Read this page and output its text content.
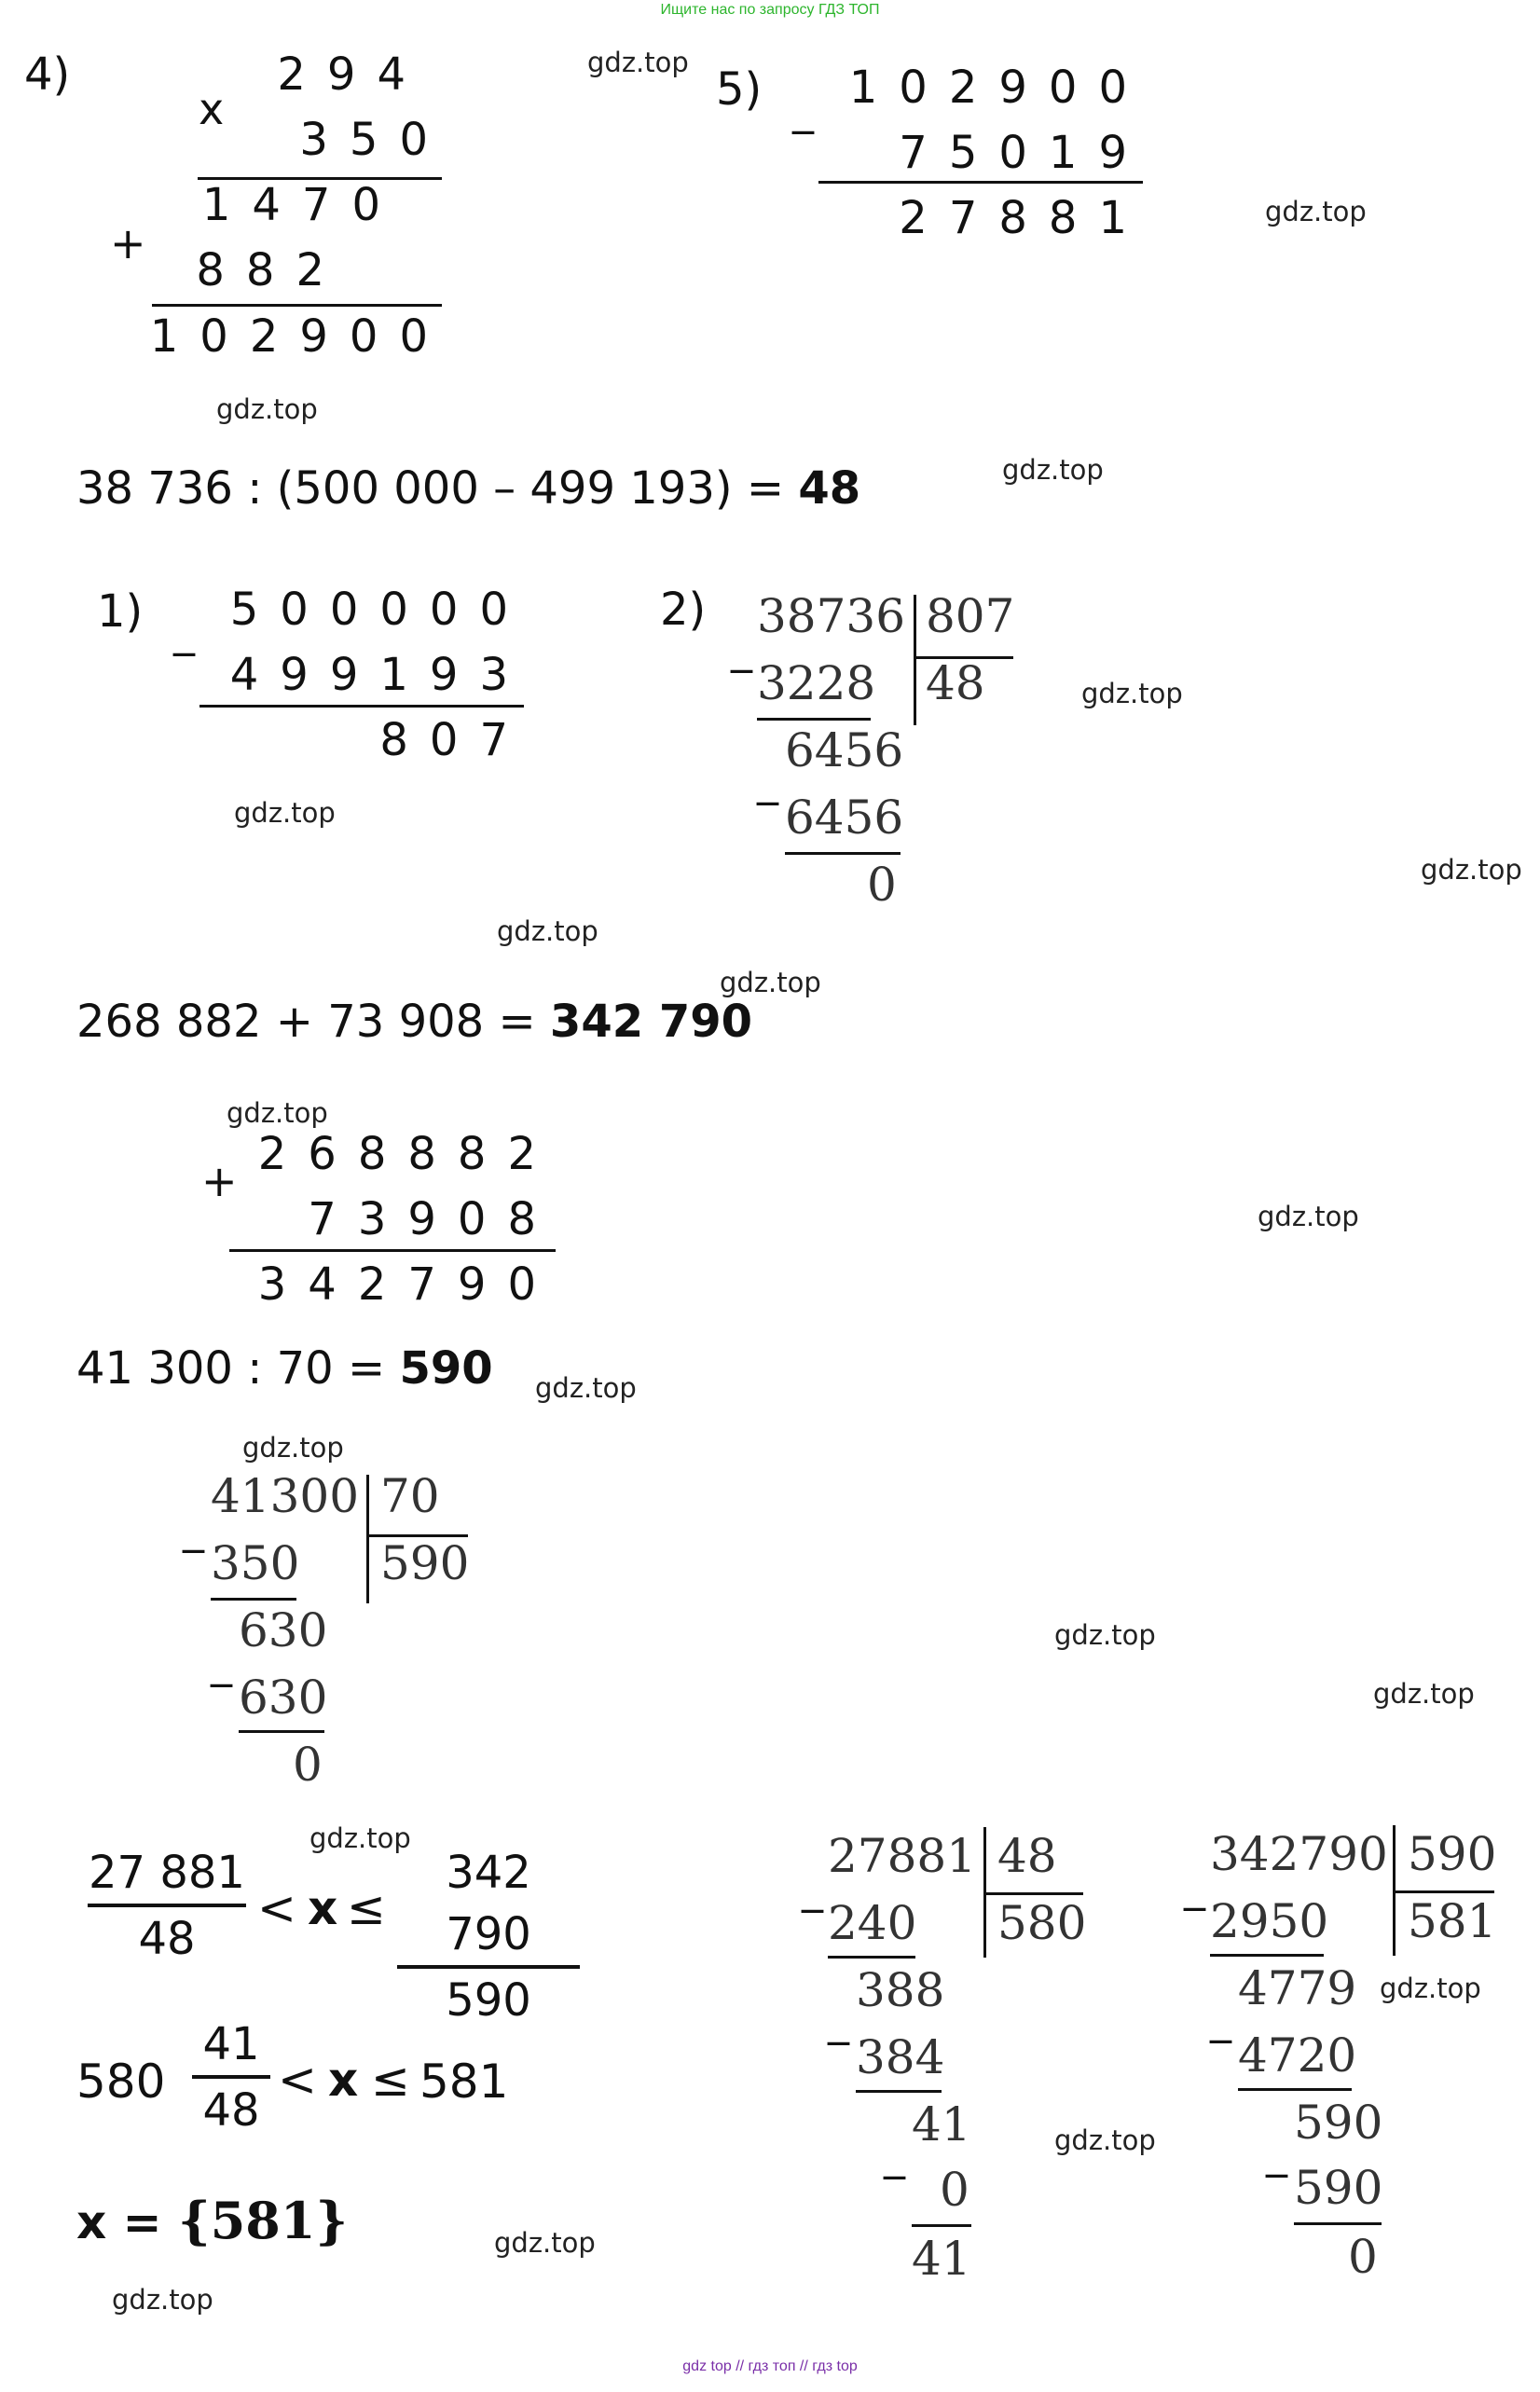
Ищите нас по запросу ГДЗ ТОП
gdz top // гдз топ // гдз top
gdz.top
gdz.top
gdz.top
gdz.top
gdz.top
gdz.top
gdz.top
gdz.top
gdz.top
gdz.top
gdz.top
gdz.top
gdz.top
gdz.top
gdz.top
gdz.top
gdz.top
gdz.top
gdz.top
gdz.top
4)
x
294
350
1470
+
882
102900
5) _ 102900
75019
27881
38 736 : (500 000 – 499 193) = 48
1) _ 500000
499193
807
2)
_
38736 807
48
3228
_
6456
6456
0
268 882 + 73 908 = 342 790
+
268882
73908
342790
41 300 : 70 = 590
_
41300 70
590
350
_
630
630
0
27 881
48
< x ≤
342 790
590
580
41
48
< x ≤ 581
x = {581}
_
27881 48
580
240
_
388
384
_
41
0
41
_
342790 590
581
2950
_
4779
4720
_
590
590
0
